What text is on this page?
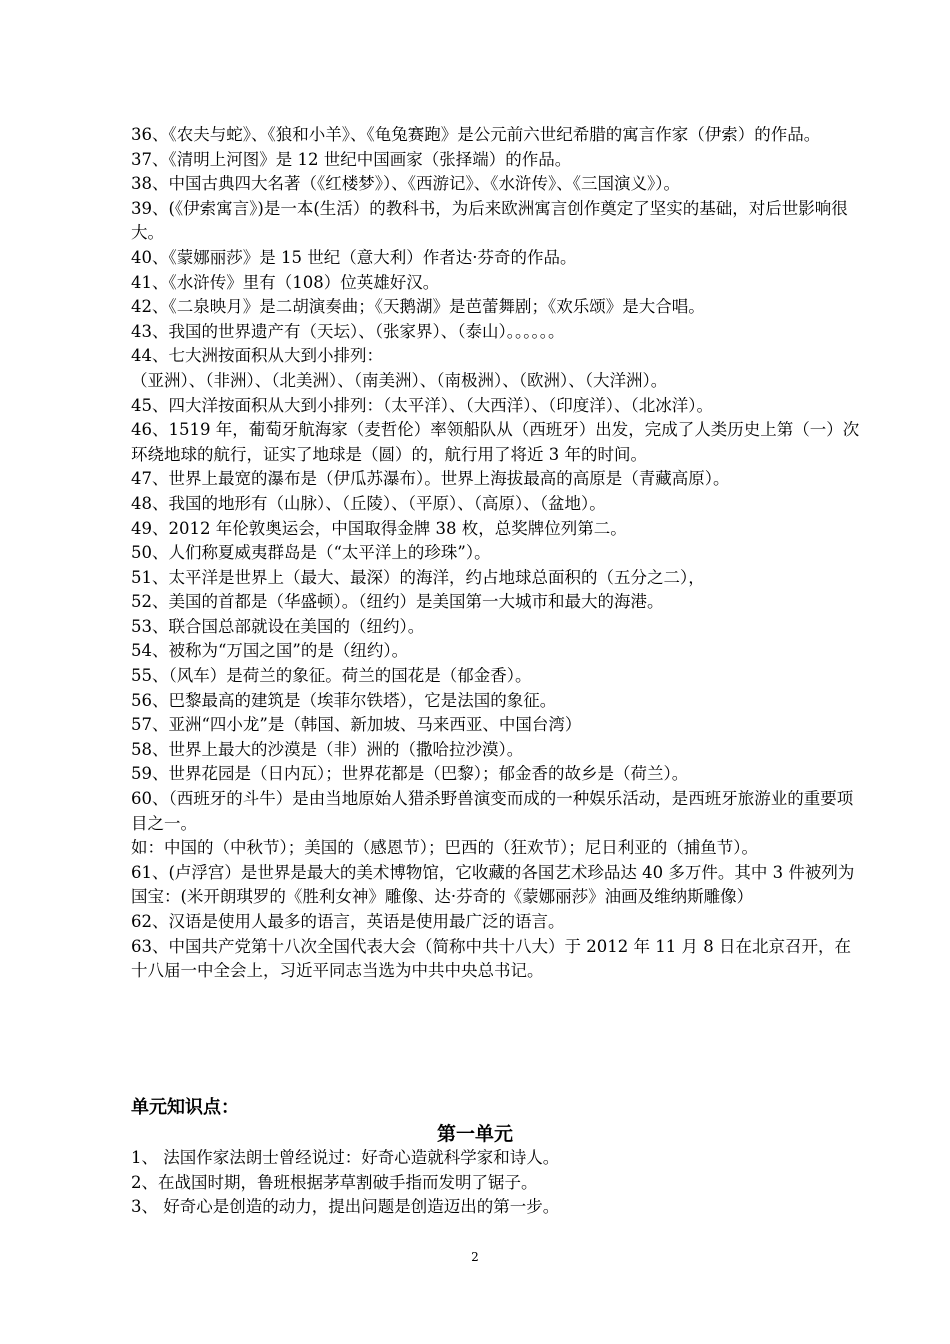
36、《农夫与蛇》、《狼和小羊》、《龟兔赛跑》是公元前六世纪希腊的寓言作家（伊索）的作品。
37、《清明上河图》是 12 世纪中国画家（张择端）的作品。
38、中国古典四大名著（《红楼梦》）、《西游记》、《水浒传》、《三国演义》）。
39、(《伊索寓言》)是一本(生活）的教科书，为后来欧洲寓言创作奠定了坚实的基础，对后世影响很大。
40、《蒙娜丽莎》是 15 世纪（意大利）作者达·芬奇的作品。
41、《水浒传》里有（108）位英雄好汉。
42、《二泉映月》是二胡演奏曲；《天鹅湖》是芭蕾舞剧；《欢乐颂》是大合唱。
43、我国的世界遗产有（天坛）、（张家界）、（泰山）。。。。。。
44、七大洲按面积从大到小排列：
（亚洲）、（非洲）、（北美洲）、（南美洲）、（南极洲）、（欧洲）、（大洋洲）。
45、四大洋按面积从大到小排列：（太平洋）、（大西洋）、（印度洋）、（北冰洋）。
46、1519 年，葡萄牙航海家（麦哲伦）率领船队从（西班牙）出发，完成了人类历史上第（一）次环绕地球的航行，证实了地球是（圆）的，航行用了将近 3 年的时间。
47、世界上最宽的瀑布是（伊瓜苏瀑布）。世界上海拔最高的高原是（青藏高原）。
48、我国的地形有（山脉）、（丘陵）、（平原）、（高原）、（盆地）。
49、2012 年伦敦奥运会，中国取得金牌 38 枚，总奖牌位列第二。
50、人们称夏威夷群岛是（“太平洋上的珍珠”）。
51、太平洋是世界上（最大、最深）的海洋，约占地球总面积的（五分之二），
52、美国的首都是（华盛顿）。（纽约）是美国第一大城市和最大的海港。
53、联合国总部就设在美国的（纽约）。
54、被称为“万国之国”的是（纽约）。
55、（风车）是荷兰的象征。荷兰的国花是（郁金香）。
56、巴黎最高的建筑是（埃菲尔铁塔），它是法国的象征。
57、亚洲“四小龙”是（韩国、新加坡、马来西亚、中国台湾）
58、世界上最大的沙漠是（非）洲的（撒哈拉沙漠）。
59、世界花园是（日内瓦）；世界花都是（巴黎）；郁金香的故乡是（荷兰）。
60、（西班牙的斗牛）是由当地原始人猎杀野兽演变而成的一种娱乐活动，是西班牙旅游业的重要项目之一。
如：中国的（中秋节）；美国的（感恩节）；巴西的（狂欢节）；尼日利亚的（捕鱼节）。
61、(卢浮宫）是世界是最大的美术博物馆，它收藏的各国艺术珍品达 40 多万件。其中 3 件被列为国宝：(米开朗琪罗的《胜利女神》雕像、达·芬奇的《蒙娜丽莎》油画及维纳斯雕像）
62、汉语是使用人最多的语言，英语是使用最广泛的语言。
63、中国共产党第十八次全国代表大会（简称中共十八大）于 2012 年 11 月 8 日在北京召开，在十八届一中全会上，习近平同志当选为中共中央总书记。
单元知识点：
第一单元
1、 法国作家法朗士曾经说过：好奇心造就科学家和诗人。
2、在战国时期，鲁班根据茅草割破手指而发明了锯子。
3、 好奇心是创造的动力，提出问题是创造迈出的第一步。
2
